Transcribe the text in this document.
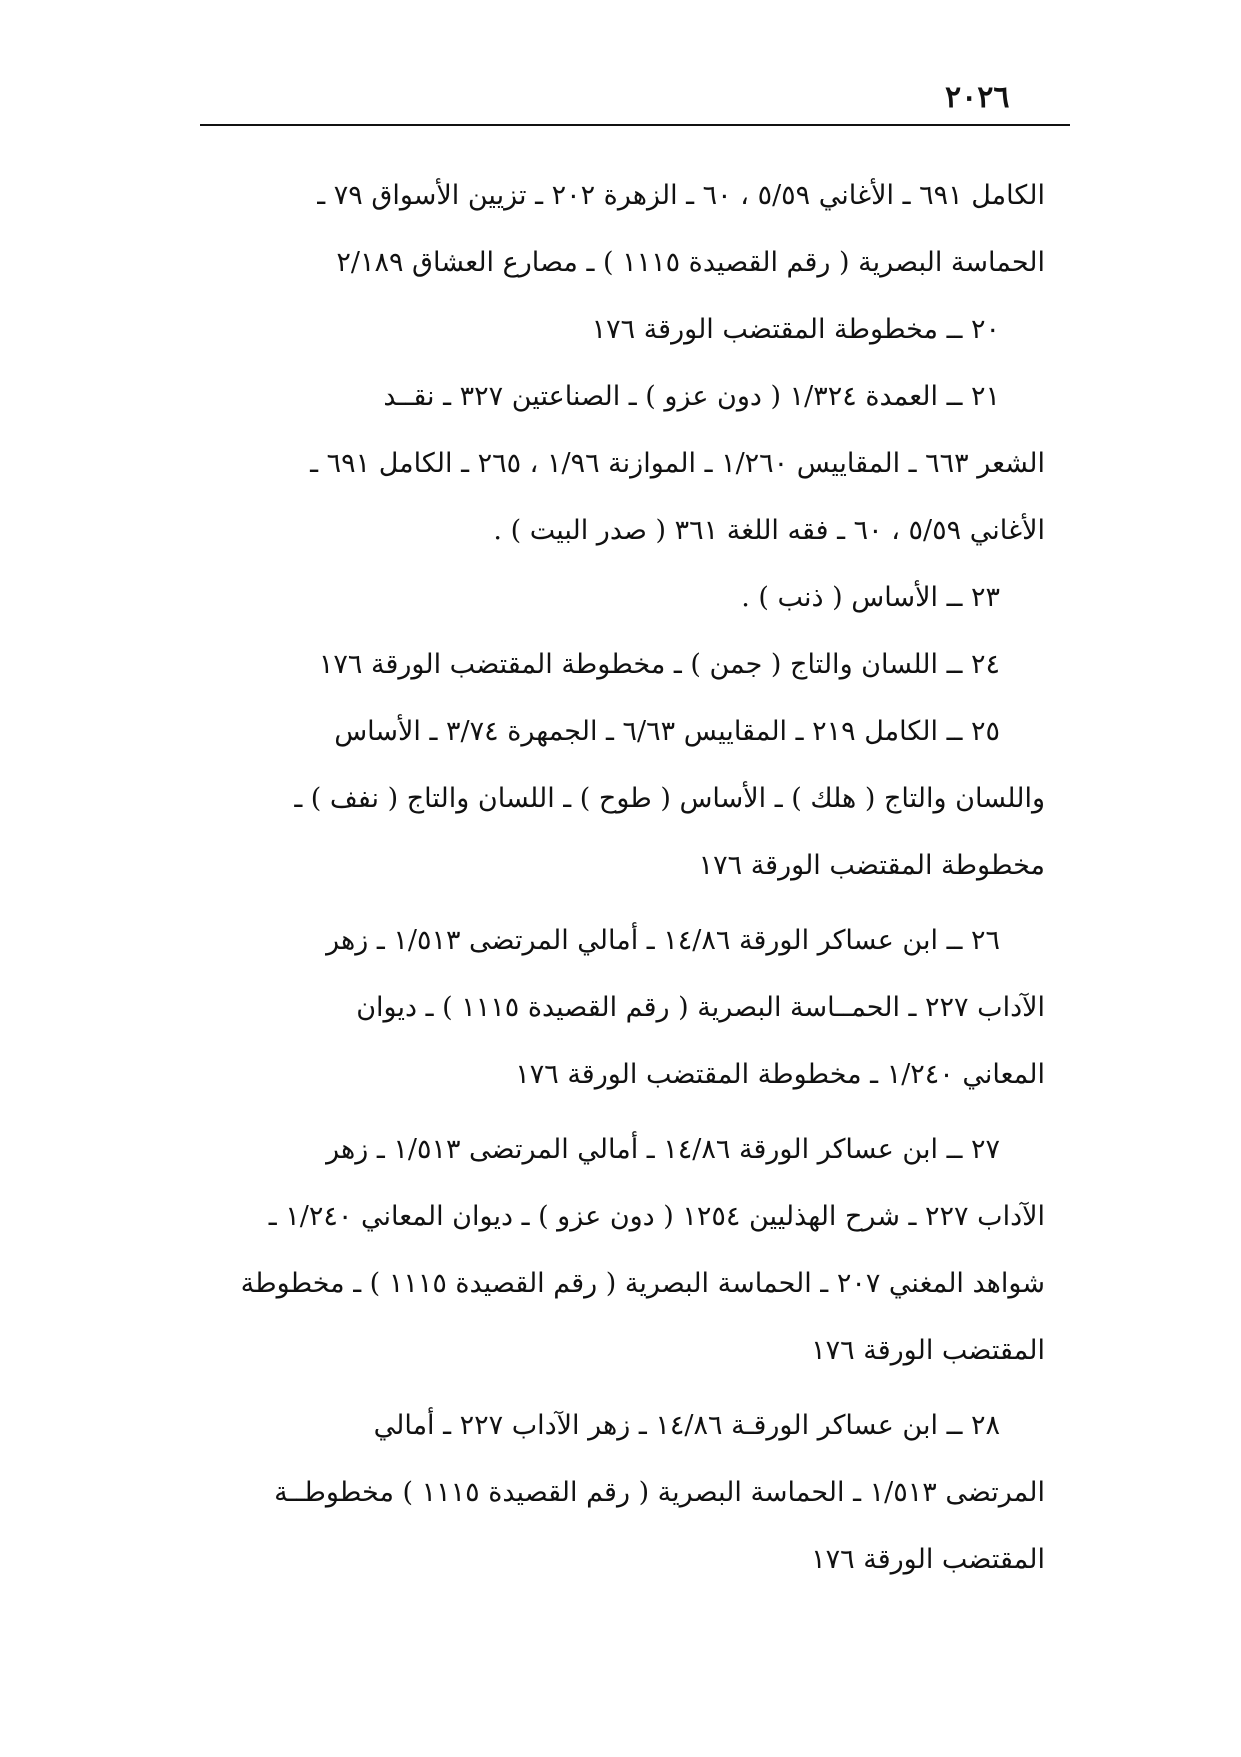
٢٠٢٦
الكامل ٦٩١ ـ الأغاني ٥/٥٩ ، ٦٠ ـ الزهرة ٢٠٢ ـ تزيين الأسواق ٧٩ ـ
الحماسة البصرية ( رقم القصيدة ١١١٥ ) ـ مصارع العشاق ٢/١٨٩
٢٠ ــ مخطوطة المقتضب الورقة ١٧٦
٢١ ــ العمدة ١/٣٢٤ ( دون عزو ) ـ الصناعتين ٣٢٧ ـ نقــد
الشعر ٦٦٣ ـ المقاييس ١/٢٦٠ ـ الموازنة ١/٩٦ ، ٢٦٥ ـ الكامل ٦٩١ ـ
الأغاني ٥/٥٩ ، ٦٠ ـ فقه اللغة ٣٦١ ( صدر البيت ) .
٢٣ ــ الأساس ( ذنب ) .
٢٤ ــ اللسان والتاج ( جمن ) ـ مخطوطة المقتضب الورقة ١٧٦
٢٥ ــ الكامل ٢١٩ ـ المقاييس ٦/٦٣ ـ الجمهرة ٣/٧٤ ـ الأساس
واللسان والتاج ( هلك ) ـ الأساس ( طوح ) ـ اللسان والتاج ( نفف ) ـ
مخطوطة المقتضب الورقة ١٧٦
٢٦ ــ ابن عساكر الورقة ١٤/٨٦ ـ أمالي المرتضى ١/٥١٣ ـ زهر
الآداب ٢٢٧ ـ الحمــاسة البصرية ( رقم القصيدة ١١١٥ ) ـ ديوان
المعاني ١/٢٤٠ ـ مخطوطة المقتضب الورقة ١٧٦
٢٧ ــ ابن عساكر الورقة ١٤/٨٦ ـ أمالي المرتضى ١/٥١٣ ـ زهر
الآداب ٢٢٧ ـ شرح الهذليين ١٢٥٤ ( دون عزو ) ـ ديوان المعاني ١/٢٤٠ ـ
شواهد المغني ٢٠٧ ـ الحماسة البصرية ( رقم القصيدة ١١١٥ ) ـ مخطوطة
المقتضب الورقة ١٧٦
٢٨ ــ ابن عساكر الورقـة ١٤/٨٦ ـ زهر الآداب ٢٢٧ ـ أمالي
المرتضى ١/٥١٣ ـ الحماسة البصرية ( رقم القصيدة ١١١٥ ) مخطوطــة
المقتضب الورقة ١٧٦
